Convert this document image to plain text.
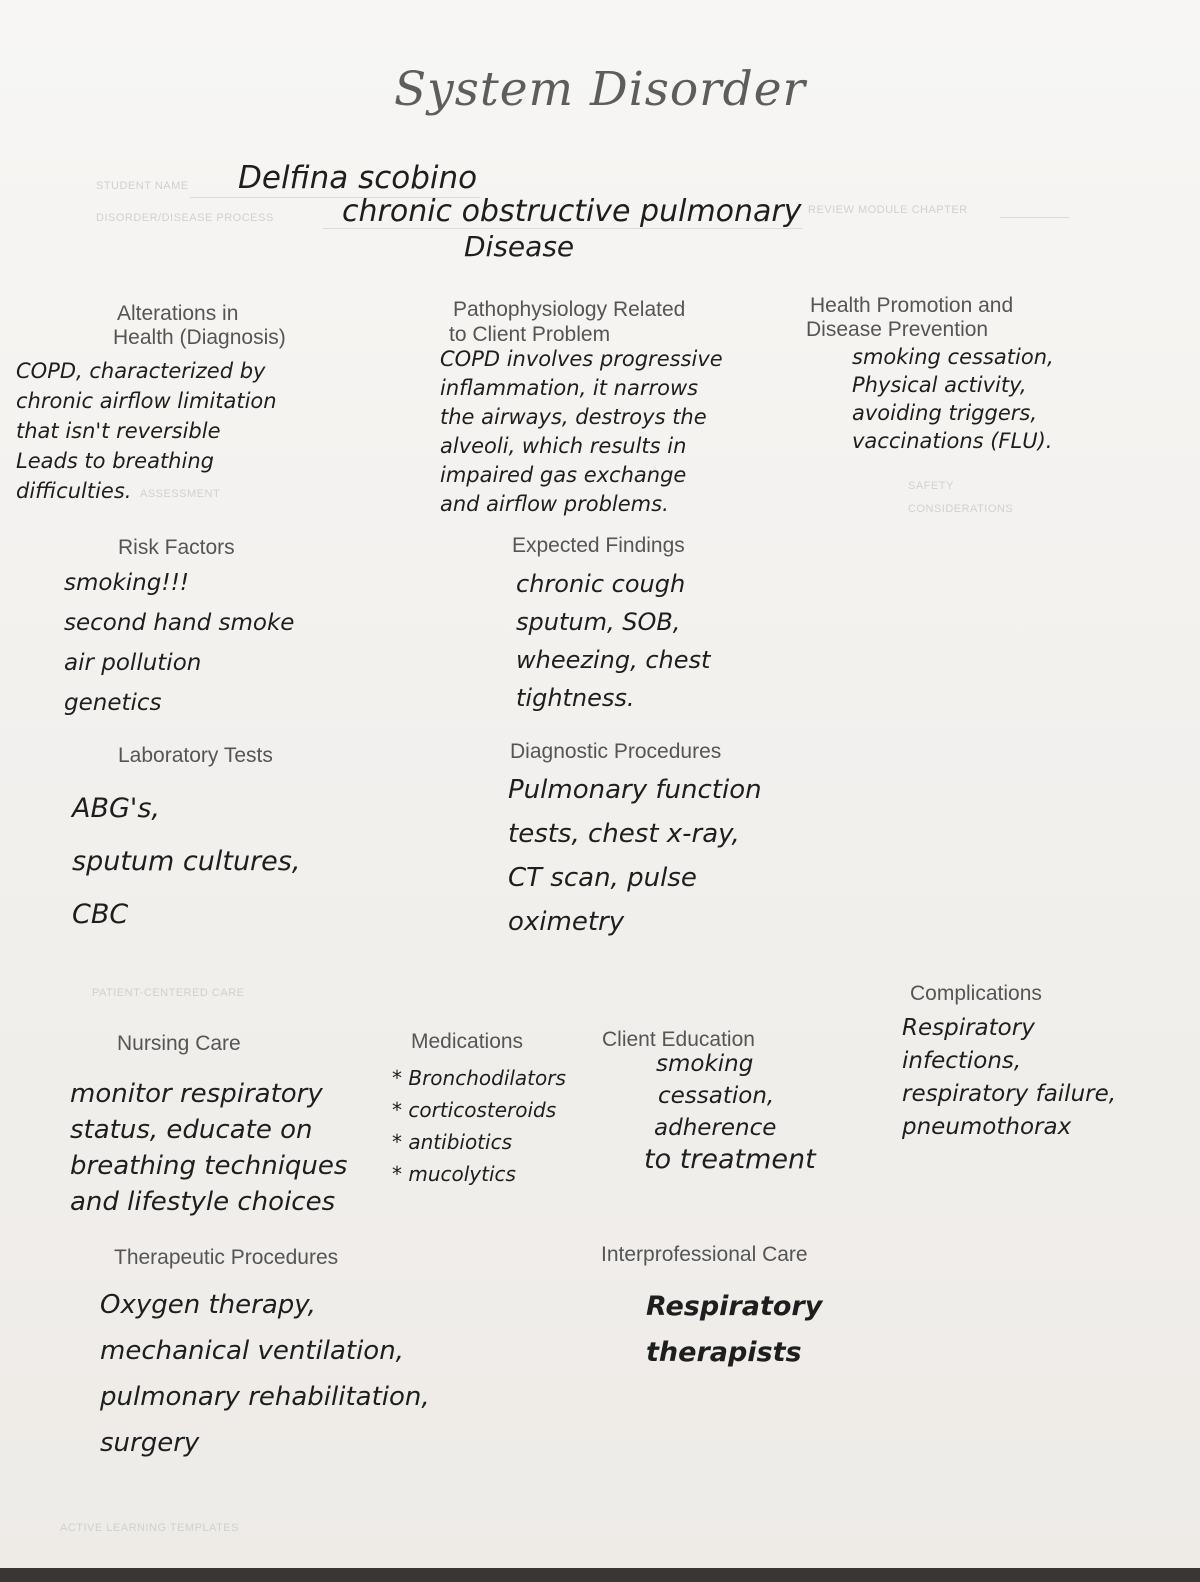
System Disorder
STUDENT NAME Delfina scobino
DISORDER/DISEASE PROCESS chronic obstructive pulmonary
Disease
REVIEW MODULE CHAPTER
Alterations in
Health (Diagnosis)
COPD, characterized by
chronic airflow limitation
that isn't reversible
Leads to breathing
difficulties. ASSESSMENT
Pathophysiology Related
to Client Problem
COPD involves progressive
inflammation, it narrows
the airways, destroys the
alveoli, which results in
impaired gas exchange
and airflow problems.
Health Promotion and
Disease Prevention
smoking cessation,
Physical activity,
avoiding triggers,
vaccinations (FLU).
SAFETY
CONSIDERATIONS
Risk Factors
smoking!!!
second hand smoke
air pollution
genetics
Expected Findings
chronic cough
sputum, SOB,
wheezing, chest
tightness.
Laboratory Tests
ABG's,
sputum cultures,
CBC
Diagnostic Procedures
Pulmonary function
tests, chest x-ray,
CT scan, pulse
oximetry
PATIENT-CENTERED CARE	Complications
Respiratory
infections,
respiratory failure,
pneumothorax
Nursing Care
monitor respiratory
status, educate on
breathing techniques
and lifestyle choices
Medications
* Bronchodilators
* corticosteroids
* antibiotics
* mucolytics
Client Education
smoking
cessation,
adherence
to treatment
Therapeutic Procedures
Oxygen therapy,
mechanical ventilation,
pulmonary rehabilitation,
surgery
Interprofessional Care
Respiratory
therapists
ACTIVE LEARNING TEMPLATES
